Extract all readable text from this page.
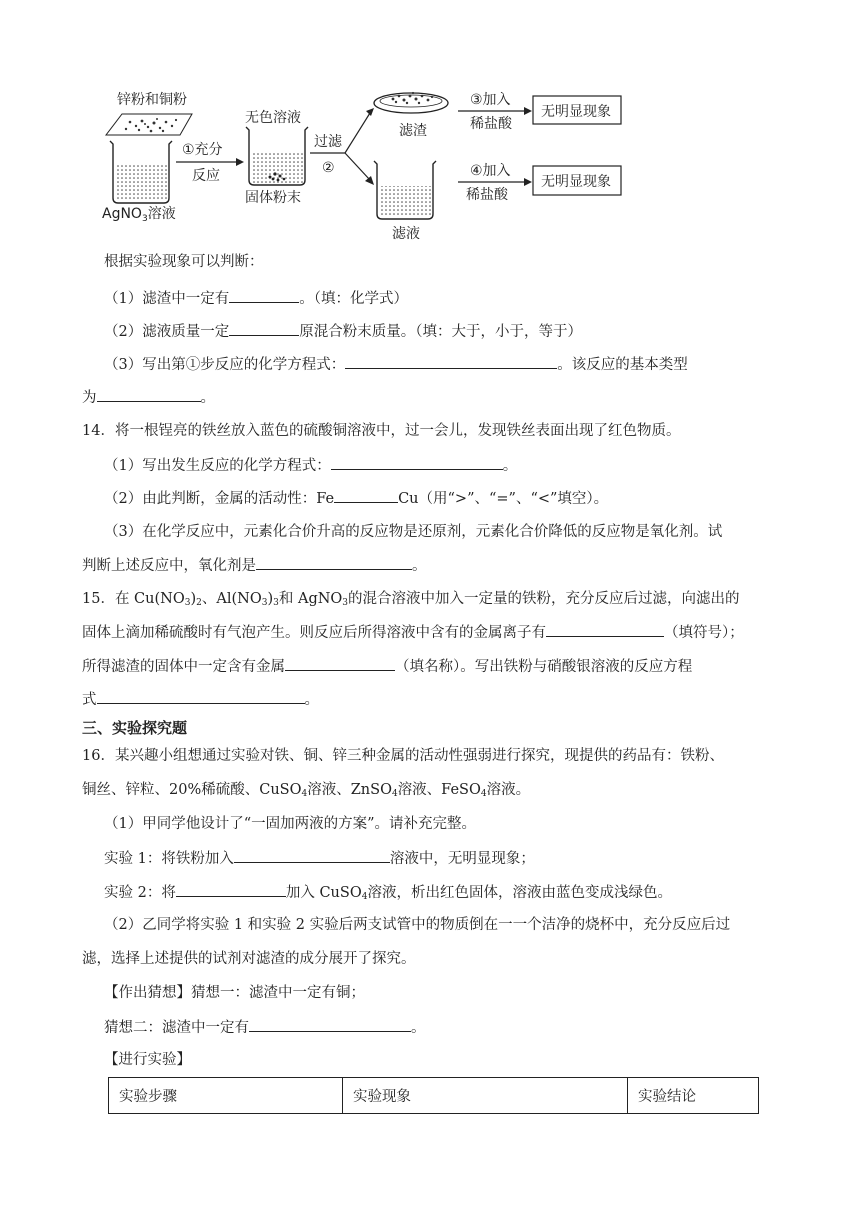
锌粉和铜粉
AgNO$_3$溶液
①充分
反应
无色溶液
固体粉末
过滤
②
滤渣
滤液
③加入
稀盐酸
无明显现象
④加入
稀盐酸
无明显现象
根据实验现象可以判断：
（1）滤渣中一定有	。（填：化学式）
（2）滤液质量一定	原混合粉末质量。（填：大于，小于，等于）
（3）写出第①步反应的化学方程式：	。该反应的基本类型
为	。
14．将一根锃亮的铁丝放入蓝色的硫酸铜溶液中，过一会儿，发现铁丝表面出现了红色物质。
（1）写出发生反应的化学方程式：	。
（2）由此判断，金属的活动性：Fe	Cu（用“>”、“=”、“<”填空）。
（3）在化学反应中，元素化合价升高的反应物是还原剂，元素化合价降低的反应物是氧化剂。试
判断上述反应中，氧化剂是	。
15．在 $Cu(NO_3)_2$、$Al(NO_3)_3$和 AgNO$_3$的混合溶液中加入一定量的铁粉，充分反应后过滤，向滤出的
固体上滴加稀硫酸时有气泡产生。则反应后所得溶液中含有的金属离子有	（填符号）；
所得滤渣的固体中一定含有金属	（填名称）。写出铁粉与硝酸银溶液的反应方程
式	。
三、实验探究题
16．某兴趣小组想通过实验对铁、铜、锌三种金属的活动性强弱进行探究，现提供的药品有：铁粉、
铜丝、锌粒、20%稀硫酸、CuSO$_4$溶液、ZnSO$_4$溶液、FeSO$_4$溶液。
（1）甲同学他设计了“一固加两液的方案”。请补充完整。
实验 1：将铁粉加入	溶液中，无明显现象；
实验 2：将	加入 CuSO$_4$溶液，析出红色固体，溶液由蓝色变成浅绿色。
（2）乙同学将实验 1 和实验 2 实验后两支试管中的物质倒在一一个洁净的烧杯中，充分反应后过
滤，选择上述提供的试剂对滤渣的成分展开了探究。
【作出猜想】猜想一：滤渣中一定有铜；
猜想二：滤渣中一定有	。
【进行实验】
实验步骤	实验现象	实验结论
